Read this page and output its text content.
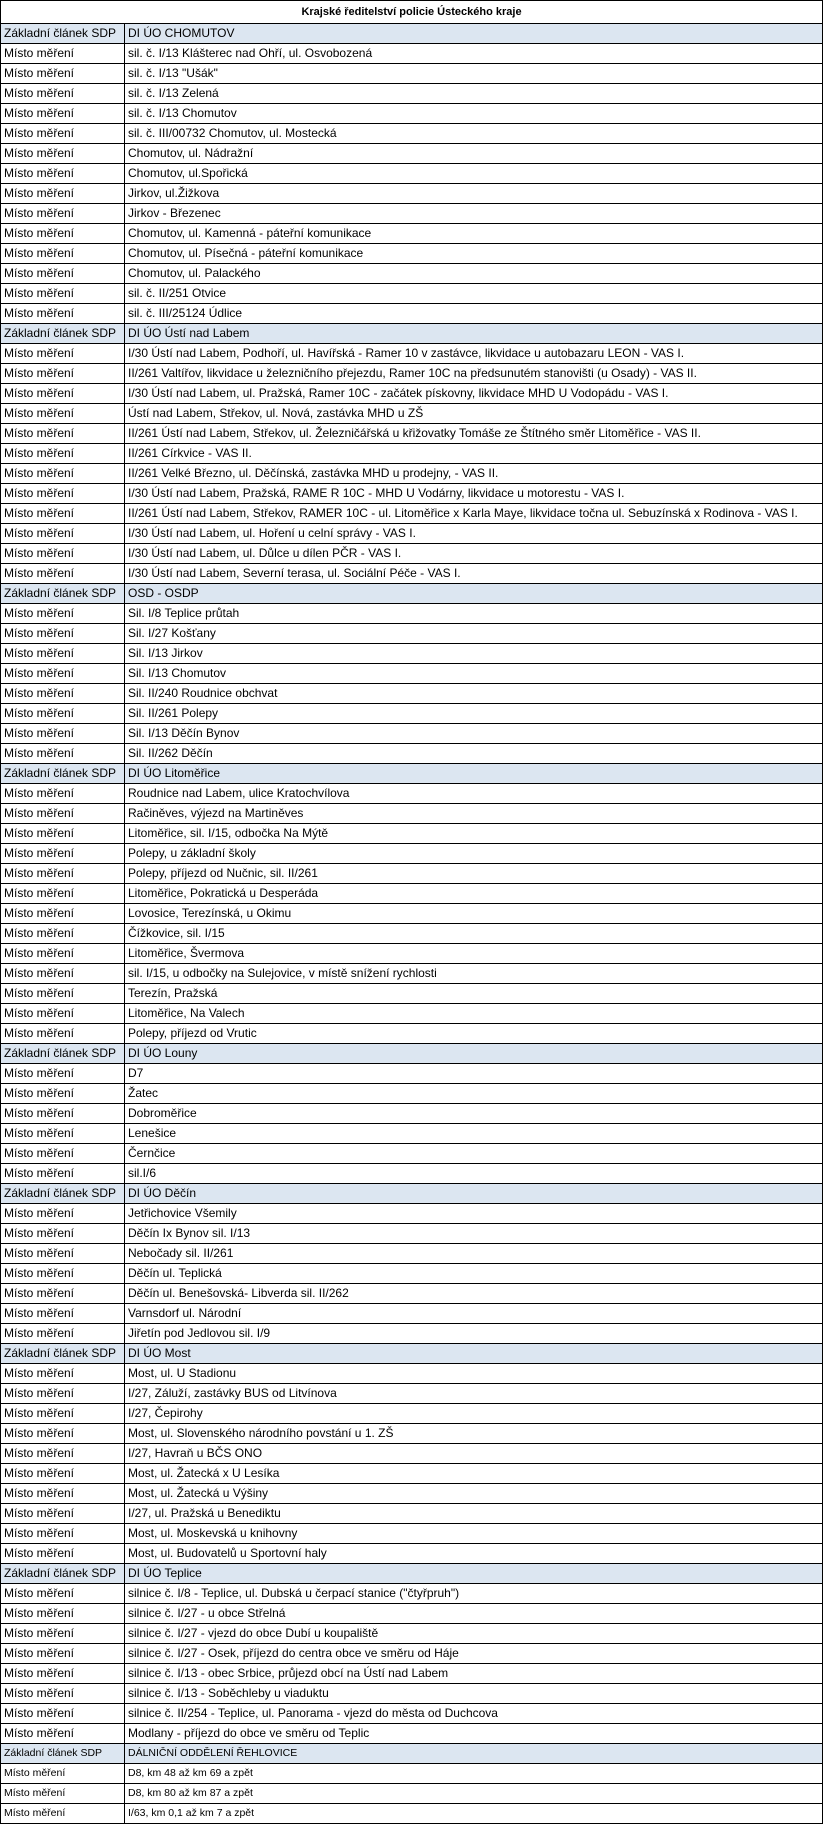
Krajské ředitelství policie Ústeckého kraje	
Základní článek SDP	DI ÚO CHOMUTOV
Místo měření	sil. č. I/13 Klášterec nad Ohří, ul. Osvobozená
Místo měření	sil. č. I/13 "Ušák"
Místo měření	sil. č. I/13 Zelená
Místo měření	sil. č. I/13 Chomutov
Místo měření	sil. č. III/00732 Chomutov, ul. Mostecká
Místo měření	Chomutov, ul. Nádražní
Místo měření	Chomutov, ul.Spořická
Místo měření	Jirkov, ul.Žižkova
Místo měření	Jirkov - Březenec
Místo měření	Chomutov, ul. Kamenná - páteřní komunikace
Místo měření	Chomutov, ul. Písečná - páteřní komunikace
Místo měření	Chomutov, ul. Palackého
Místo měření	sil. č. II/251 Otvice
Místo měření	sil. č. III/25124 Údlice
Základní článek SDP	DI ÚO Ústí nad Labem
Místo měření	I/30 Ústí nad Labem, Podhoří, ul. Havířská - Ramer 10 v zastávce, likvidace u autobazaru LEON - VAS I.
Místo měření	II/261 Valtířov, likvidace u železničního přejezdu, Ramer 10C na předsunutém stanovišti (u Osady) - VAS II.
Místo měření	I/30 Ústí nad Labem, ul. Pražská, Ramer 10C - začátek pískovny, likvidace MHD U Vodopádu - VAS I.
Místo měření	Ústí nad Labem, Střekov, ul. Nová, zastávka MHD u ZŠ
Místo měření	II/261 Ústí nad Labem, Střekov, ul. Železničářská u křižovatky Tomáše ze Štítného směr Litoměřice - VAS II.
Místo měření	II/261 Církvice - VAS II.
Místo měření	II/261 Velké Březno, ul. Děčínská, zastávka MHD u prodejny, - VAS II.
Místo měření	I/30 Ústí nad Labem, Pražská, RAME R 10C - MHD U Vodárny, likvidace u motorestu - VAS I.
Místo měření	II/261 Ústí nad Labem, Střekov, RAMER 10C - ul. Litoměřice x Karla Maye, likvidace točna ul. Sebuzínská x Rodinova - VAS I.
Místo měření	I/30 Ústí nad Labem, ul. Hoření u celní správy - VAS I.
Místo měření	I/30 Ústí nad Labem, ul. Důlce u dílen PČR - VAS I.
Místo měření	I/30 Ústí nad Labem, Severní terasa, ul. Sociální Péče - VAS I.
Základní článek SDP	OSD - OSDP
Místo měření	Sil. I/8 Teplice průtah
Místo měření	Sil. I/27 Košťany
Místo měření	Sil. I/13 Jirkov
Místo měření	Sil. I/13 Chomutov
Místo měření	Sil. II/240 Roudnice obchvat
Místo měření	Sil. II/261 Polepy
Místo měření	Sil. I/13 Děčín Bynov
Místo měření	Sil. II/262 Děčín
Základní článek SDP	DI ÚO Litoměřice
Místo měření	Roudnice nad Labem, ulice Kratochvílova
Místo měření	Račiněves, výjezd na Martiněves
Místo měření	Litoměřice, sil. I/15, odbočka Na Mýtě
Místo měření	Polepy, u základní školy
Místo měření	Polepy, příjezd od Nučnic, sil. II/261
Místo měření	Litoměřice, Pokratická u Desperáda
Místo měření	Lovosice, Terezínská, u Okimu
Místo měření	Čížkovice, sil. I/15
Místo měření	Litoměřice, Švermova
Místo měření	sil. I/15, u odbočky na Sulejovice, v místě snížení rychlosti
Místo měření	Terezín, Pražská
Místo měření	Litoměřice, Na Valech
Místo měření	Polepy, příjezd od Vrutic
Základní článek SDP	DI ÚO Louny
Místo měření	D7
Místo měření	Žatec
Místo měření	Dobroměřice
Místo měření	Lenešice
Místo měření	Černčice
Místo měření	sil.I/6
Základní článek SDP	DI ÚO Děčín
Místo měření	Jetřichovice Všemily
Místo měření	Děčín Ix Bynov sil. I/13
Místo měření	Nebočady sil. II/261
Místo měření	Děčín ul. Teplická
Místo měření	Děčín ul. Benešovská- Libverda sil. II/262
Místo měření	Varnsdorf ul. Národní
Místo měření	Jiřetín pod Jedlovou sil. I/9
Základní článek SDP	DI ÚO Most
Místo měření	Most, ul. U Stadionu
Místo měření	I/27, Záluží, zastávky BUS od Litvínova
Místo měření	I/27, Čepirohy
Místo měření	Most, ul. Slovenského národního povstání u 1. ZŠ
Místo měření	I/27, Havraň u BČS ONO
Místo měření	Most, ul. Žatecká x U Lesíka
Místo měření	Most, ul. Žatecká u Výšiny
Místo měření	I/27, ul. Pražská u Benediktu
Místo měření	Most, ul. Moskevská u knihovny
Místo měření	Most, ul. Budovatelů u Sportovní haly
Základní článek SDP	DI ÚO Teplice
Místo měření	silnice č. I/8 - Teplice, ul. Dubská u čerpací stanice ("čtyřpruh")
Místo měření	silnice č. I/27 - u obce Střelná
Místo měření	silnice č. I/27 - vjezd do obce Dubí u koupaliště
Místo měření	silnice č. I/27 - Osek, příjezd do centra obce ve směru od Háje
Místo měření	silnice č. I/13 - obec Srbice, průjezd obcí na Ústí nad Labem
Místo měření	silnice č. I/13 - Soběchleby u viaduktu
Místo měření	silnice č. II/254 - Teplice, ul. Panorama - vjezd do města od Duchcova
Místo měření	Modlany - příjezd do obce ve směru od Teplic
Základní článek SDP	DÁLNIČNÍ ODDĚLENÍ ŘEHLOVICE
Místo měření	D8, km 48 až km 69 a zpět
Místo měření	D8, km 80 až km 87 a zpět
Místo měření	I/63, km 0,1 až km 7 a zpět
